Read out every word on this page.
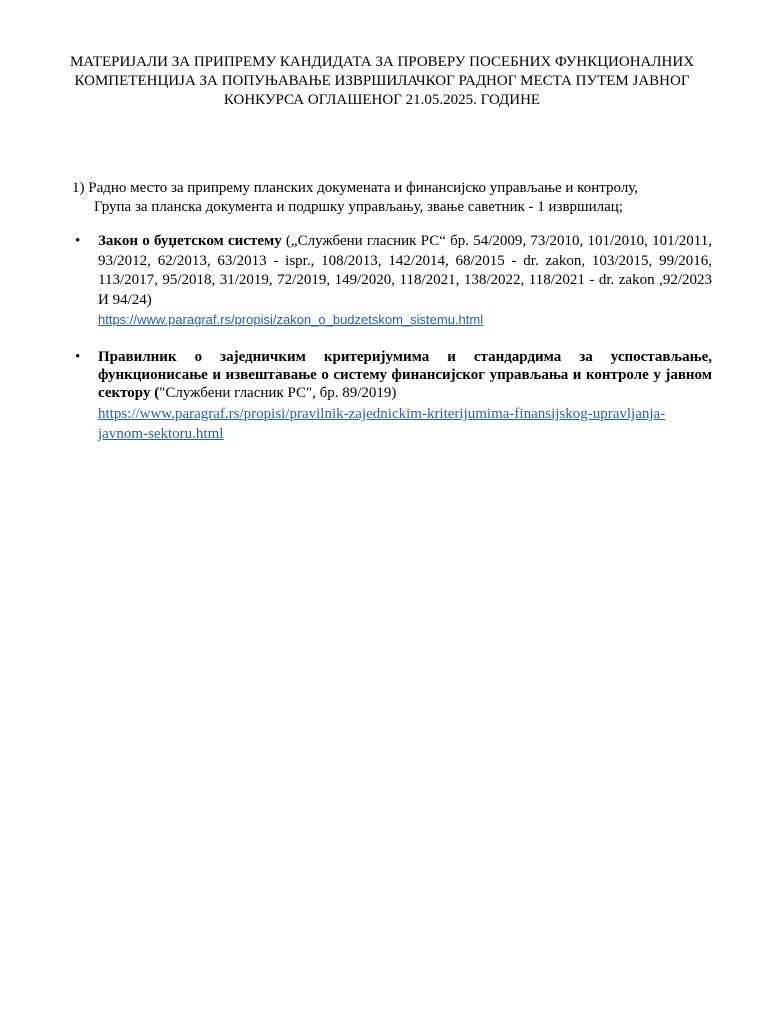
МАТЕРИЈАЛИ ЗА ПРИПРЕМУ КАНДИДАТА ЗА ПРОВЕРУ ПОСЕБНИХ ФУНКЦИОНАЛНИХ
КОМПЕТЕНЦИЈА ЗА ПОПУЊАВАЊЕ ИЗВРШИЛАЧКОГ РАДНОГ МЕСТА ПУТЕМ ЈАВНОГ
КОНКУРСА ОГЛАШЕНОГ 21.05.2025. ГОДИНЕ
1) Радно место за припрему планских докумената и финансијско управљање и контролу,
Група за планска документа и подршку управљању, звање саветник - 1 извршилац;
• Закон о буџетском систему („Службени гласник РС“ бр. 54/2009, 73/2010, 101/2010, 101/2011, 93/2012, 62/2013, 63/2013 - ispr., 108/2013, 142/2014, 68/2015 - dr. zakon, 103/2015, 99/2016, 113/2017, 95/2018, 31/2019, 72/2019, 149/2020, 118/2021, 138/2022, 118/2021 - dr. zakon ,92/2023 И 94/24)
https://www.paragraf.rs/propisi/zakon_o_budzetskom_sistemu.html
• Правилник о заједничким критеријумима и стандардима за успостављање, функционисање и извештавање о систему финансијског управљања и контроле у јавном сектору ("Службени гласник РС", бр. 89/2019)
https://www.paragraf.rs/propisi/pravilnik-zajednickim-kriterijumima-finansijskog-upravljanja-javnom-sektoru.html
